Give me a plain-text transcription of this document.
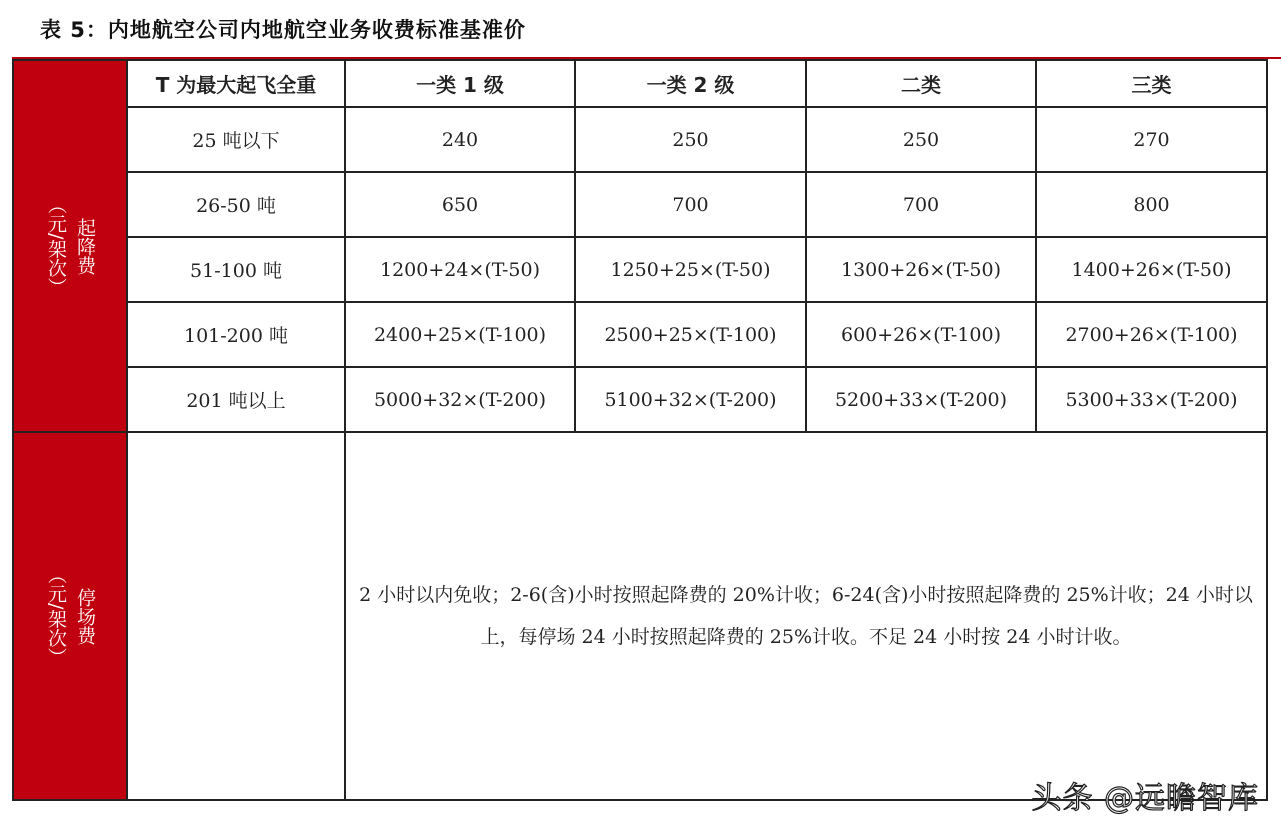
表 5：内地航空公司内地航空业务收费标准基准价
起降费
（元/架次）	T 为最大起飞全重	一类 1 级	一类 2 级	二类	三类
	25 吨以下	240	250	250	270
	26-50 吨	650	700	700	800
	51-100 吨	1200+24×(T-50)	1250+25×(T-50)	1300+26×(T-50)	1400+26×(T-50)
	101-200 吨	2400+25×(T-100)	2500+25×(T-100)	600+26×(T-100)	2700+26×(T-100)
	201 吨以上	5000+32×(T-200)	5100+32×(T-200)	5200+33×(T-200)	5300+33×(T-200)

停场费
（元/架次）		2 小时以内免收；2-6(含)小时按照起降费的 20%计收；6-24(含)小时按照起降费的 25%计收；24 小时以上，每停场 24 小时按照起降费的 25%计收。不足 24 小时按 24 小时计收。			
头条 @远瞻智库
